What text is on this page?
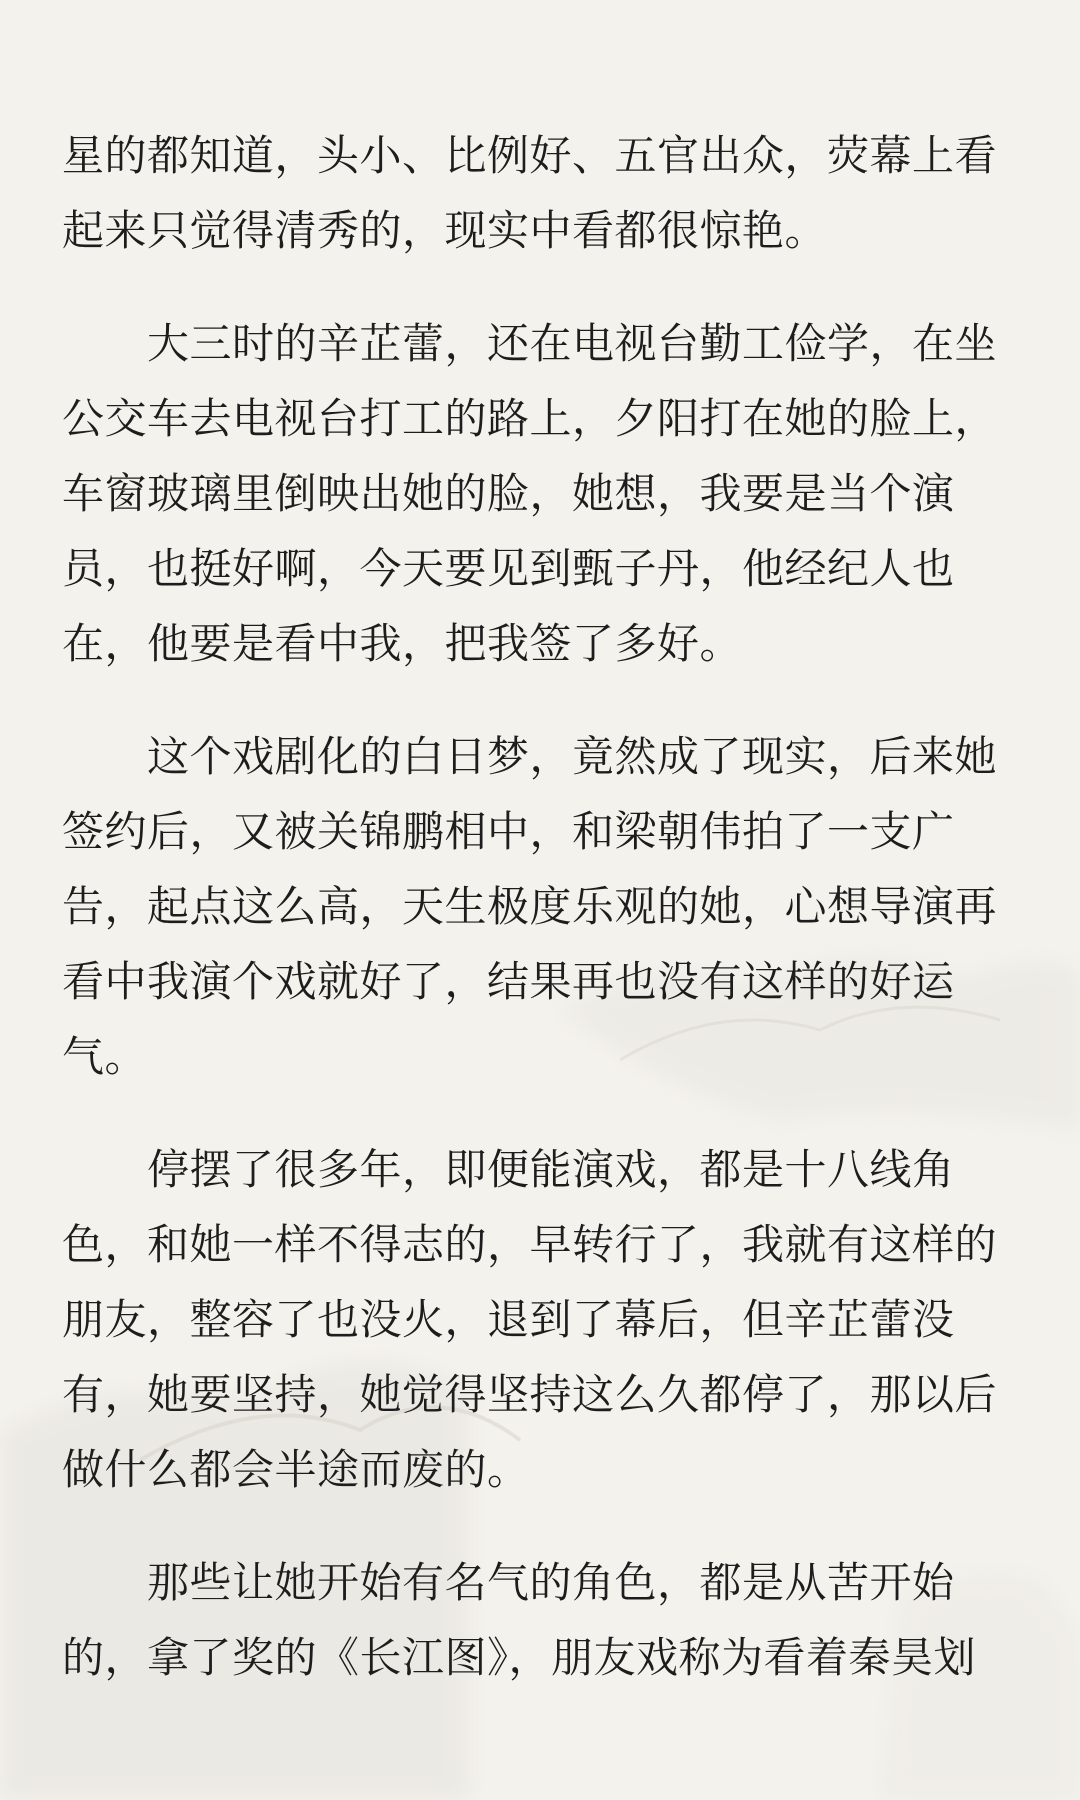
星的都知道，头小、比例好、五官出众，荧幕上看
起来只觉得清秀的，现实中看都很惊艳。
大三时的辛芷蕾，还在电视台勤工俭学，在坐
公交车去电视台打工的路上，夕阳打在她的脸上，
车窗玻璃里倒映出她的脸，她想，我要是当个演
员，也挺好啊，今天要见到甄子丹，他经纪人也
在，他要是看中我，把我签了多好。
这个戏剧化的白日梦，竟然成了现实，后来她
签约后，又被关锦鹏相中，和梁朝伟拍了一支广
告，起点这么高，天生极度乐观的她，心想导演再
看中我演个戏就好了，结果再也没有这样的好运
气。
停摆了很多年，即便能演戏，都是十八线角
色，和她一样不得志的，早转行了，我就有这样的
朋友，整容了也没火，退到了幕后，但辛芷蕾没
有，她要坚持，她觉得坚持这么久都停了，那以后
做什么都会半途而废的。
那些让她开始有名气的角色，都是从苦开始
的，拿了奖的《长江图》，朋友戏称为看着秦昊划
